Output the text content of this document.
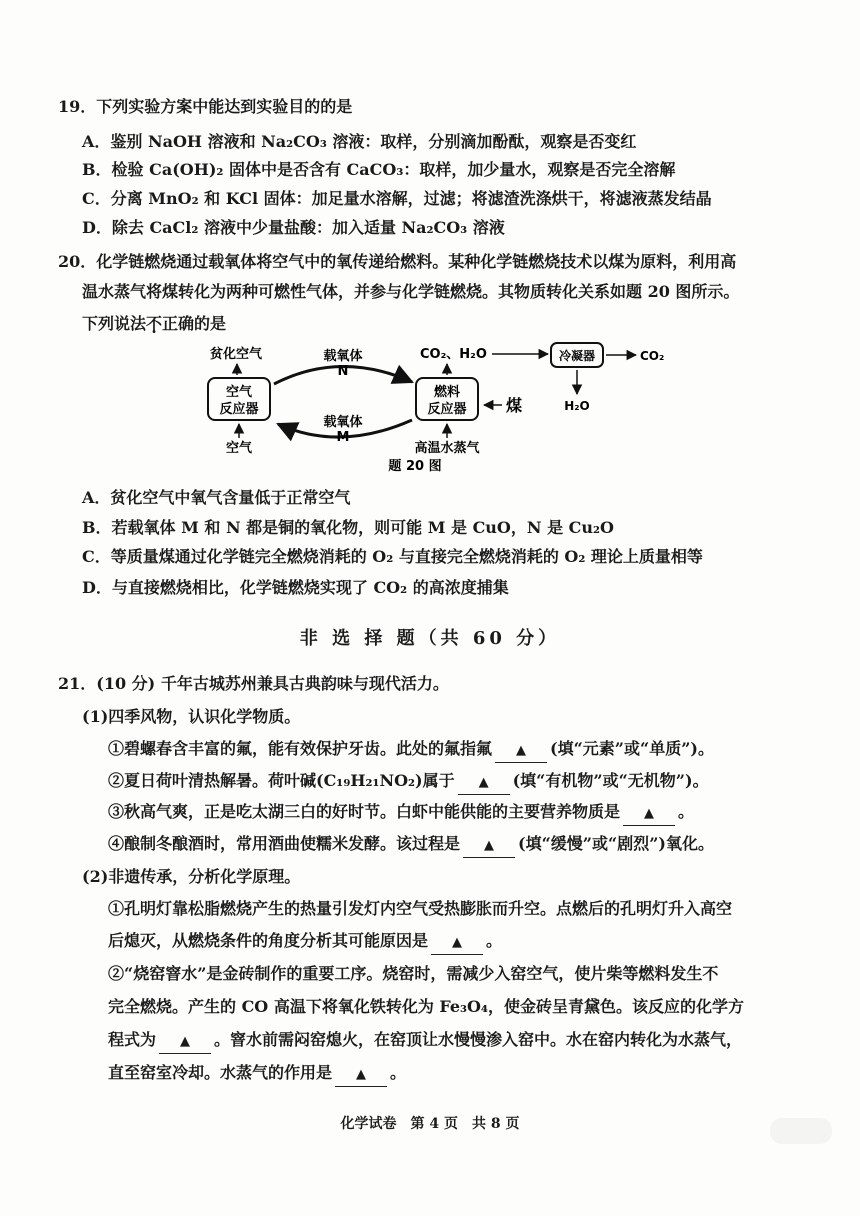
19．下列实验方案中能达到实验目的的是
A．鉴别 NaOH 溶液和 Na₂CO₃ 溶液：取样，分别滴加酚酞，观察是否变红
B．检验 Ca(OH)₂ 固体中是否含有 CaCO₃：取样，加少量水，观察是否完全溶解
C．分离 MnO₂ 和 KCl 固体：加足量水溶解，过滤；将滤渣洗涤烘干，将滤液蒸发结晶
D．除去 CaCl₂ 溶液中少量盐酸：加入适量 Na₂CO₃ 溶液
20．化学链燃烧通过载氧体将空气中的氧传递给燃料。某种化学链燃烧技术以煤为原料，利用高
温水蒸气将煤转化为两种可燃性气体，并参与化学链燃烧。其物质转化关系如题 20 图所示。
下列说法不正确的是
贫化空气
空气
反应器
空气
载氧体
N
载氧体
M
燃料
反应器
CO₂、H₂O
煤
高温水蒸气
冷凝器	CO₂
H₂O
题 20 图
A．贫化空气中氧气含量低于正常空气
B．若载氧体 M 和 N 都是铜的氧化物，则可能 M 是 CuO，N 是 Cu₂O
C．等质量煤通过化学链完全燃烧消耗的 O₂ 与直接完全燃烧消耗的 O₂ 理论上质量相等
D．与直接燃烧相比，化学链燃烧实现了 CO₂ 的高浓度捕集
非 选 择 题（共 60 分）
21．(10 分) 千年古城苏州兼具古典韵味与现代活力。
(1)四季风物，认识化学物质。
①碧螺春含丰富的氟，能有效保护牙齿。此处的氟指氟 ▲ (填“元素”或“单质”)。
②夏日荷叶清热解暑。荷叶碱(C₁₉H₂₁NO₂)属于 ▲ (填“有机物”或“无机物”)。
③秋高气爽，正是吃太湖三白的好时节。白虾中能供能的主要营养物质是 ▲ 。
④酿制冬酿酒时，常用酒曲使糯米发酵。该过程是 ▲ (填“缓慢”或“剧烈”)氧化。
(2)非遗传承，分析化学原理。
①孔明灯靠松脂燃烧产生的热量引发灯内空气受热膨胀而升空。点燃后的孔明灯升入高空
后熄灭，从燃烧条件的角度分析其可能原因是 ▲ 。
②“烧窑窨水”是金砖制作的重要工序。烧窑时，需减少入窑空气，使片柴等燃料发生不
完全燃烧。产生的 CO 高温下将氧化铁转化为 Fe₃O₄，使金砖呈青黛色。该反应的化学方
程式为 ▲ 。窨水前需闷窑熄火，在窑顶让水慢慢渗入窑中。水在窑内转化为水蒸气，
直至窑室冷却。水蒸气的作用是 ▲ 。
化学试卷　第 4 页　共 8 页
